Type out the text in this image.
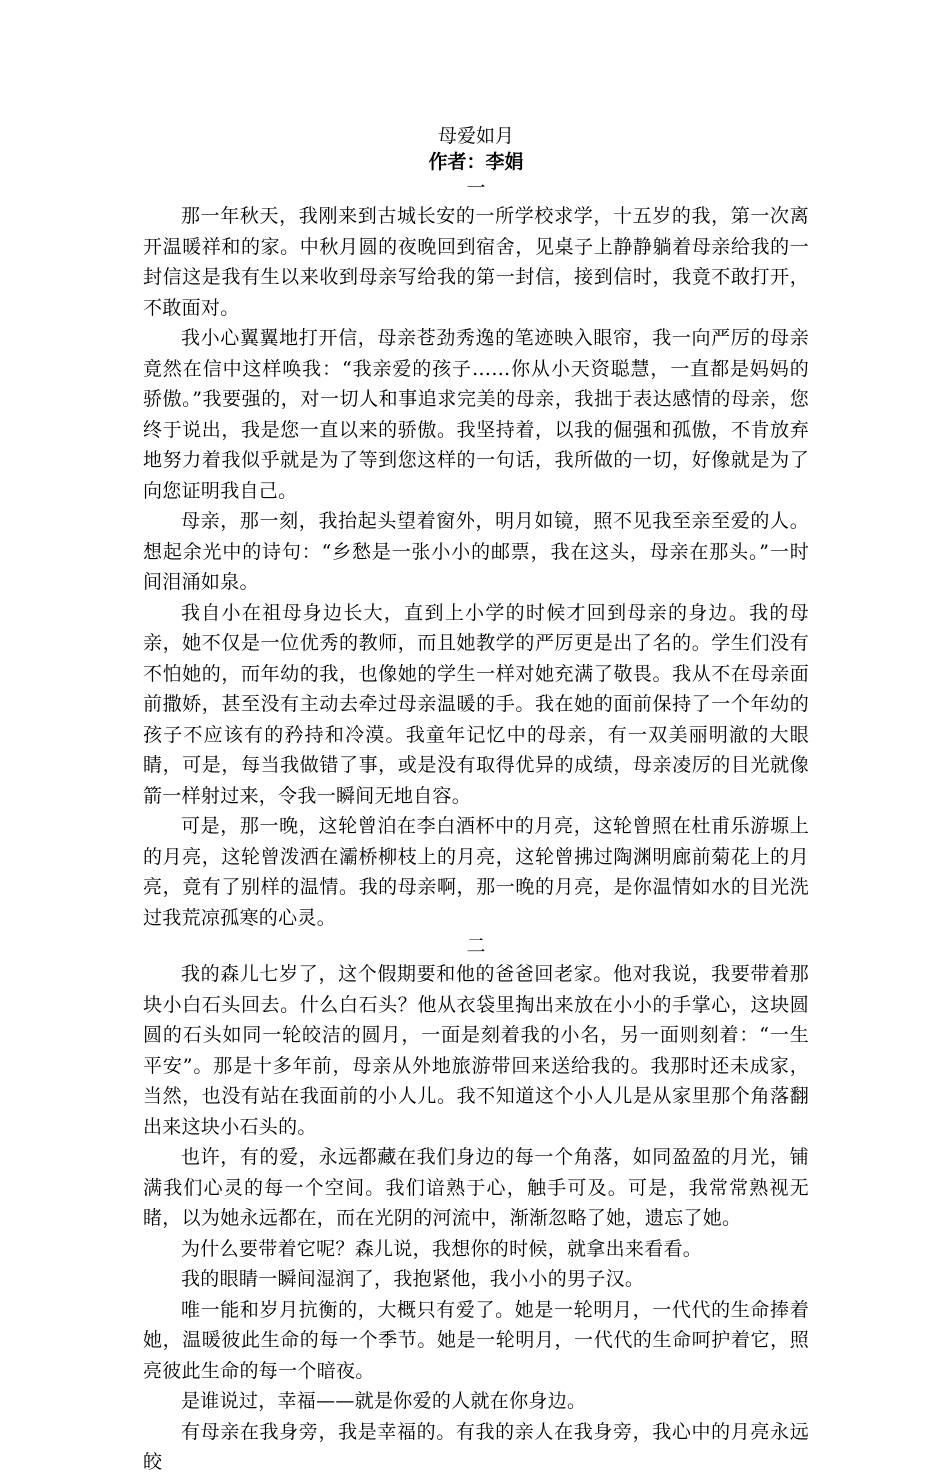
母爱如月

作者：李娟

一

那一年秋天，我刚来到古城长安的一所学校求学，十五岁的我，第一次离开温暖祥和的家。中秋月圆的夜晚回到宿舍，见桌子上静静躺着母亲给我的一封信这是我有生以来收到母亲写给我的第一封信，接到信时，我竟不敢打开，不敢面对。

我小心翼翼地打开信，母亲苍劲秀逸的笔迹映入眼帘，我一向严厉的母亲竟然在信中这样唤我：“我亲爱的孩子……你从小天资聪慧，一直都是妈妈的骄傲。”我要强的，对一切人和事追求完美的母亲，我拙于表达感情的母亲，您终于说出，我是您一直以来的骄傲。我坚持着，以我的倔强和孤傲，不肯放弃地努力着我似乎就是为了等到您这样的一句话，我所做的一切，好像就是为了向您证明我自己。

母亲，那一刻，我抬起头望着窗外，明月如镜，照不见我至亲至爱的人。想起余光中的诗句：“乡愁是一张小小的邮票，我在这头，母亲在那头。”一时间泪涌如泉。

我自小在祖母身边长大，直到上小学的时候才回到母亲的身边。我的母亲，她不仅是一位优秀的教师，而且她教学的严厉更是出了名的。学生们没有不怕她的，而年幼的我，也像她的学生一样对她充满了敬畏。我从不在母亲面前撒娇，甚至没有主动去牵过母亲温暖的手。我在她的面前保持了一个年幼的孩子不应该有的矜持和冷漠。我童年记忆中的母亲，有一双美丽明澈的大眼睛，可是，每当我做错了事，或是没有取得优异的成绩，母亲凌厉的目光就像箭一样射过来，令我一瞬间无地自容。

可是，那一晚，这轮曾泊在李白酒杯中的月亮，这轮曾照在杜甫乐游塬上的月亮，这轮曾泼洒在灞桥柳枝上的月亮，这轮曾拂过陶渊明廊前菊花上的月亮，竟有了别样的温情。我的母亲啊，那一晚的月亮，是你温情如水的目光洗过我荒凉孤寒的心灵。

二

我的森儿七岁了，这个假期要和他的爸爸回老家。他对我说，我要带着那块小白石头回去。什么白石头？他从衣袋里掏出来放在小小的手掌心，这块圆圆的石头如同一轮皎洁的圆月，一面是刻着我的小名，另一面则刻着：“一生平安”。那是十多年前，母亲从外地旅游带回来送给我的。我那时还未成家，当然，也没有站在我面前的小人儿。我不知道这个小人儿是从家里那个角落翻出来这块小石头的。

也许，有的爱，永远都藏在我们身边的每一个角落，如同盈盈的月光，铺满我们心灵的每一个空间。我们谙熟于心，触手可及。可是，我常常熟视无睹，以为她永远都在，而在光阴的河流中，渐渐忽略了她，遗忘了她。

为什么要带着它呢？森儿说，我想你的时候，就拿出来看看。

我的眼睛一瞬间湿润了，我抱紧他，我小小的男子汉。

唯一能和岁月抗衡的，大概只有爱了。她是一轮明月，一代代的生命捧着她，温暖彼此生命的每一个季节。她是一轮明月，一代代的生命呵护着它，照亮彼此生命的每一个暗夜。

是谁说过，幸福——就是你爱的人就在你身边。

有母亲在我身旁，我是幸福的。有我的亲人在我身旁，我心中的月亮永远皎
